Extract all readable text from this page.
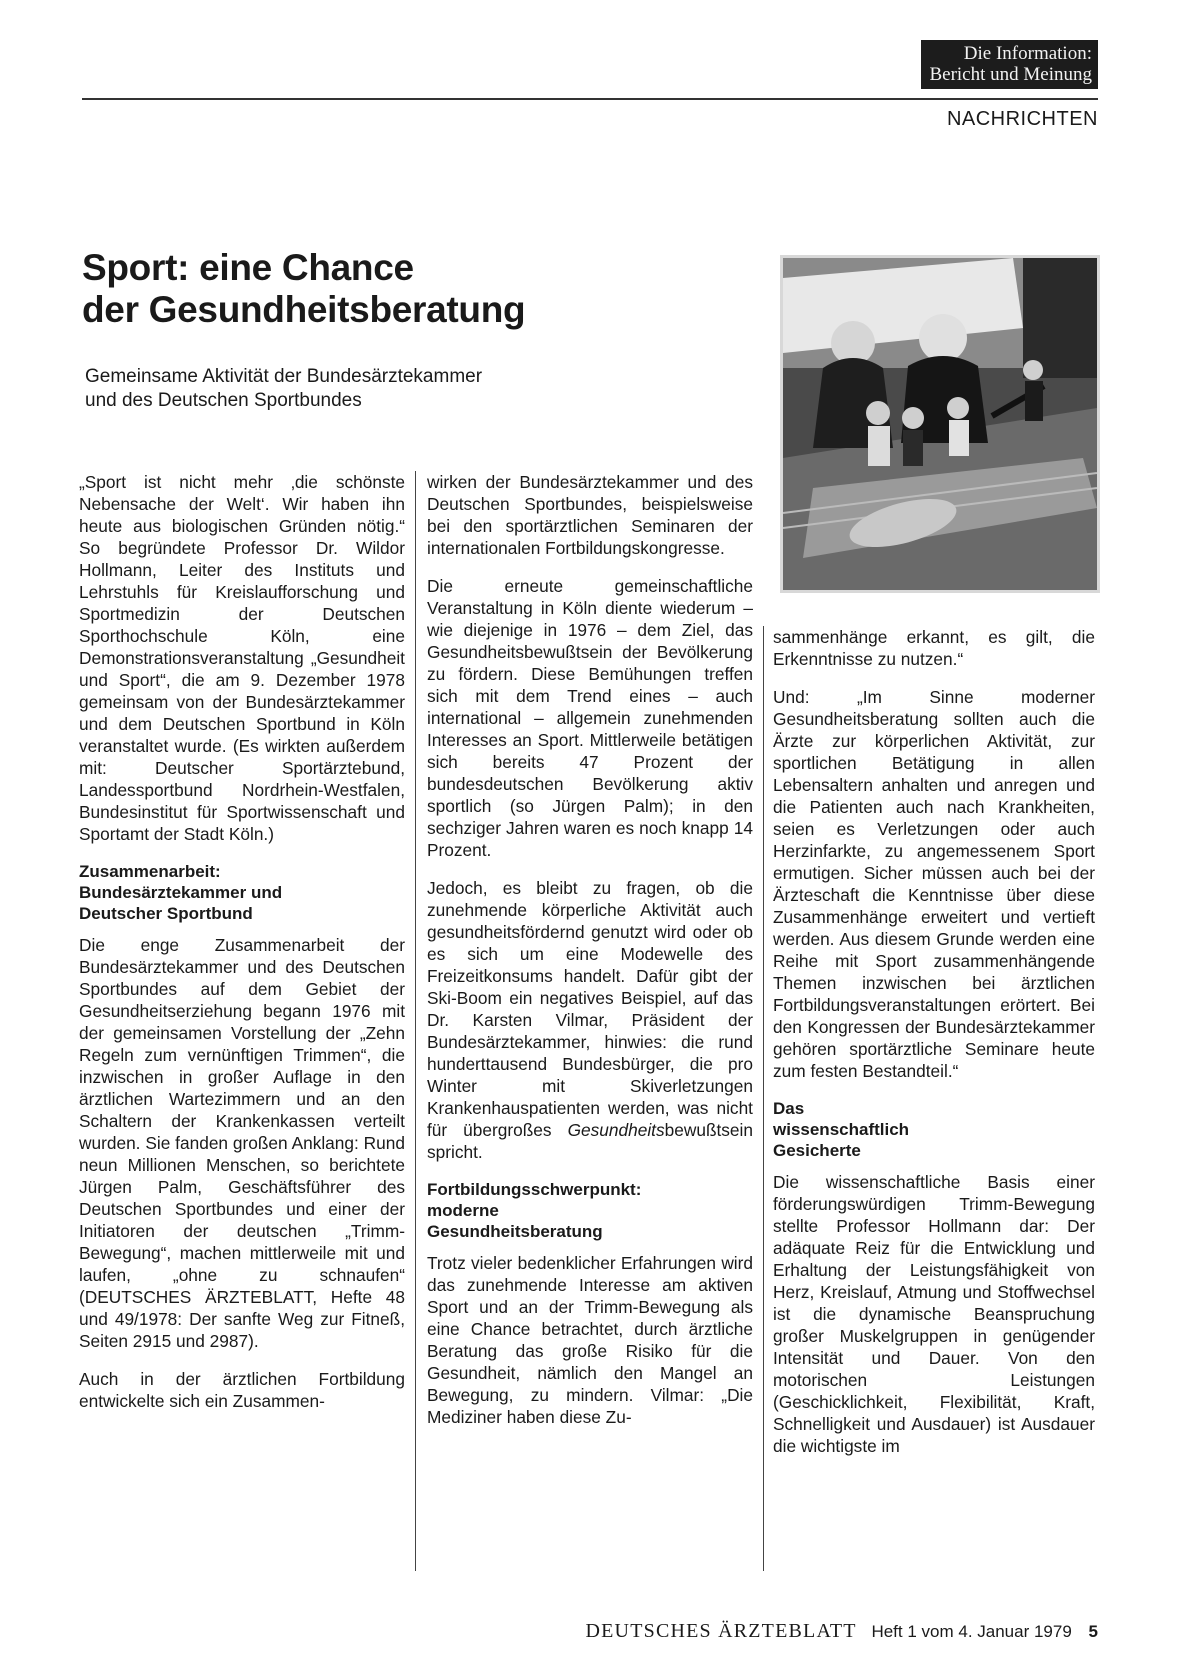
Die Information:
Bericht und Meinung
NACHRICHTEN
Sport: eine Chance
der Gesundheitsberatung

Gemeinsame Aktivität der Bundesärztekammer
und des Deutschen Sportbundes

„Sport ist nicht mehr ‚die schönste Nebensache der Welt‘. Wir haben ihn heute aus biologischen Gründen nötig.“ So begründete Professor Dr. Wildor Hollmann, Leiter des Instituts und Lehrstuhls für Kreislaufforschung und Sportmedizin der Deutschen Sporthochschule Köln, eine Demonstrationsveranstaltung „Gesundheit und Sport“, die am 9. Dezember 1978 gemeinsam von der Bundesärztekammer und dem Deutschen Sportbund in Köln veranstaltet wurde. (Es wirkten außerdem mit: Deutscher Sportärztebund, Landessportbund Nordrhein-Westfalen, Bundesinstitut für Sportwissenschaft und Sportamt der Stadt Köln.)

Zusammenarbeit:
Bundesärztekammer und
Deutscher Sportbund

Die enge Zusammenarbeit der Bundesärztekammer und des Deutschen Sportbundes auf dem Gebiet der Gesundheitserziehung begann 1976 mit der gemeinsamen Vorstellung der „Zehn Regeln zum vernünftigen Trimmen“, die inzwischen in großer Auflage in den ärztlichen Wartezimmern und an den Schaltern der Krankenkassen verteilt wurden. Sie fanden großen Anklang: Rund neun Millionen Menschen, so berichtete Jürgen Palm, Geschäftsführer des Deutschen Sportbundes und einer der Initiatoren der deutschen „Trimm-Bewegung“, machen mittlerweile mit und laufen, „ohne zu schnaufen“ (DEUTSCHES ÄRZTEBLATT, Hefte 48 und 49/1978: Der sanfte Weg zur Fitneß, Seiten 2915 und 2987).

Auch in der ärztlichen Fortbildung entwickelte sich ein Zusammen-

wirken der Bundesärztekammer und des Deutschen Sportbundes, beispielsweise bei den sportärztlichen Seminaren der internationalen Fortbildungskongresse.

Die erneute gemeinschaftliche Veranstaltung in Köln diente wiederum – wie diejenige in 1976 – dem Ziel, das Gesundheitsbewußtsein der Bevölkerung zu fördern. Diese Bemühungen treffen sich mit dem Trend eines – auch international – allgemein zunehmenden Interesses an Sport. Mittlerweile betätigen sich bereits 47 Prozent der bundesdeutschen Bevölkerung aktiv sportlich (so Jürgen Palm); in den sechziger Jahren waren es noch knapp 14 Prozent.

Jedoch, es bleibt zu fragen, ob die zunehmende körperliche Aktivität auch gesundheitsfördernd genutzt wird oder ob es sich um eine Modewelle des Freizeitkonsums handelt. Dafür gibt der Ski-Boom ein negatives Beispiel, auf das Dr. Karsten Vilmar, Präsident der Bundesärztekammer, hinwies: die rund hunderttausend Bundesbürger, die pro Winter mit Skiverletzungen Krankenhauspatienten werden, was nicht für übergroßes Gesundheitsbewußtsein spricht.

Fortbildungsschwerpunkt:
moderne
Gesundheitsberatung

Trotz vieler bedenklicher Erfahrungen wird das zunehmende Interesse am aktiven Sport und an der Trimm-Bewegung als eine Chance betrachtet, durch ärztliche Beratung das große Risiko für die Gesundheit, nämlich den Mangel an Bewegung, zu mindern. Vilmar: „Die Mediziner haben diese Zu-

sammenhänge erkannt, es gilt, die Erkenntnisse zu nutzen.“

Und: „Im Sinne moderner Gesundheitsberatung sollten auch die Ärzte zur körperlichen Aktivität, zur sportlichen Betätigung in allen Lebensaltern anhalten und anregen und die Patienten auch nach Krankheiten, seien es Verletzungen oder auch Herzinfarkte, zu angemessenem Sport ermutigen. Sicher müssen auch bei der Ärzteschaft die Kenntnisse über diese Zusammenhänge erweitert und vertieft werden. Aus diesem Grunde werden eine Reihe mit Sport zusammenhängende Themen inzwischen bei ärztlichen Fortbildungsveranstaltungen erörtert. Bei den Kongressen der Bundesärztekammer gehören sportärztliche Seminare heute zum festen Bestandteil.“

Das
wissenschaftlich
Gesicherte

Die wissenschaftliche Basis einer förderungswürdigen Trimm-Bewegung stellte Professor Hollmann dar: Der adäquate Reiz für die Entwicklung und Erhaltung der Leistungsfähigkeit von Herz, Kreislauf, Atmung und Stoffwechsel ist die dynamische Beanspruchung großer Muskelgruppen in genügender Intensität und Dauer. Von den motorischen Leistungen (Geschicklichkeit, Flexibilität, Kraft, Schnelligkeit und Ausdauer) ist Ausdauer die wichtigste im

DEUTSCHES ÄRZTEBLATT Heft 1 vom 4. Januar 1979 5
